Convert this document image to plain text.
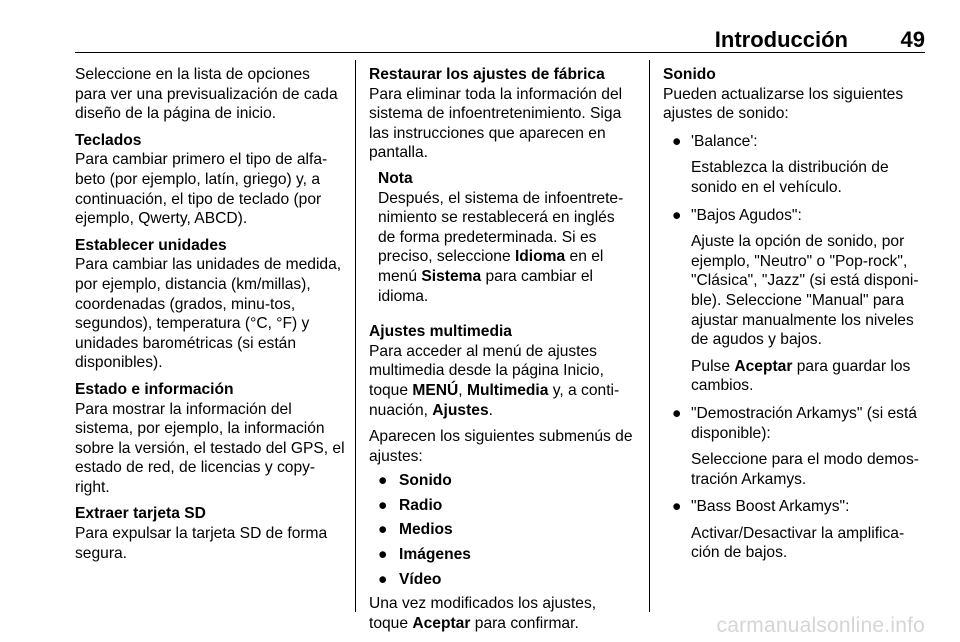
Introducción 49

Seleccione en la lista de opciones para ver una previsualización de cada diseño de la página de inicio.

Teclados

Para cambiar primero el tipo de alfa-beto (por ejemplo, latín, griego) y, a continuación, el tipo de teclado (por ejemplo, Qwerty, ABCD).

Establecer unidades

Para cambiar las unidades de medida, por ejemplo, distancia (km/millas), coordenadas (grados, minu-tos, segundos), temperatura (°C, °F) y unidades barométricas (si están disponibles).

Estado e información

Para mostrar la información del sistema, por ejemplo, la información sobre la versión, el testado del GPS, el estado de red, de licencias y copy-right.

Extraer tarjeta SD

Para expulsar la tarjeta SD de forma segura.

Restaurar los ajustes de fábrica

Para eliminar toda la información del sistema de infoentretenimiento. Siga las instrucciones que aparecen en pantalla.

Nota

Después, el sistema de infoentrete-nimiento se restablecerá en inglés de forma predeterminada. Si es preciso, seleccione Idioma en el menú Sistema para cambiar el idioma.

Ajustes multimedia

Para acceder al menú de ajustes multimedia desde la página Inicio, toque MENÚ, Multimedia y, a conti-nuación, Ajustes.

Aparecen los siguientes submenús de ajustes:

● Sonido
● Radio
● Medios
● Imágenes
● Vídeo

Una vez modificados los ajustes, toque Aceptar para confirmar.

Sonido

Pueden actualizarse los siguientes ajustes de sonido:

● 'Balance':

Establezca la distribución de sonido en el vehículo.

● "Bajos Agudos":

Ajuste la opción de sonido, por ejemplo, "Neutro" o "Pop-rock", "Clásica", "Jazz" (si está disponi-ble). Seleccione "Manual" para ajustar manualmente los niveles de agudos y bajos.

Pulse Aceptar para guardar los cambios.

● "Demostración Arkamys" (si está disponible):

Seleccione para el modo demos-tración Arkamys.

● "Bass Boost Arkamys":

Activar/Desactivar la amplifica-ción de bajos.

carmanualsonline.info
